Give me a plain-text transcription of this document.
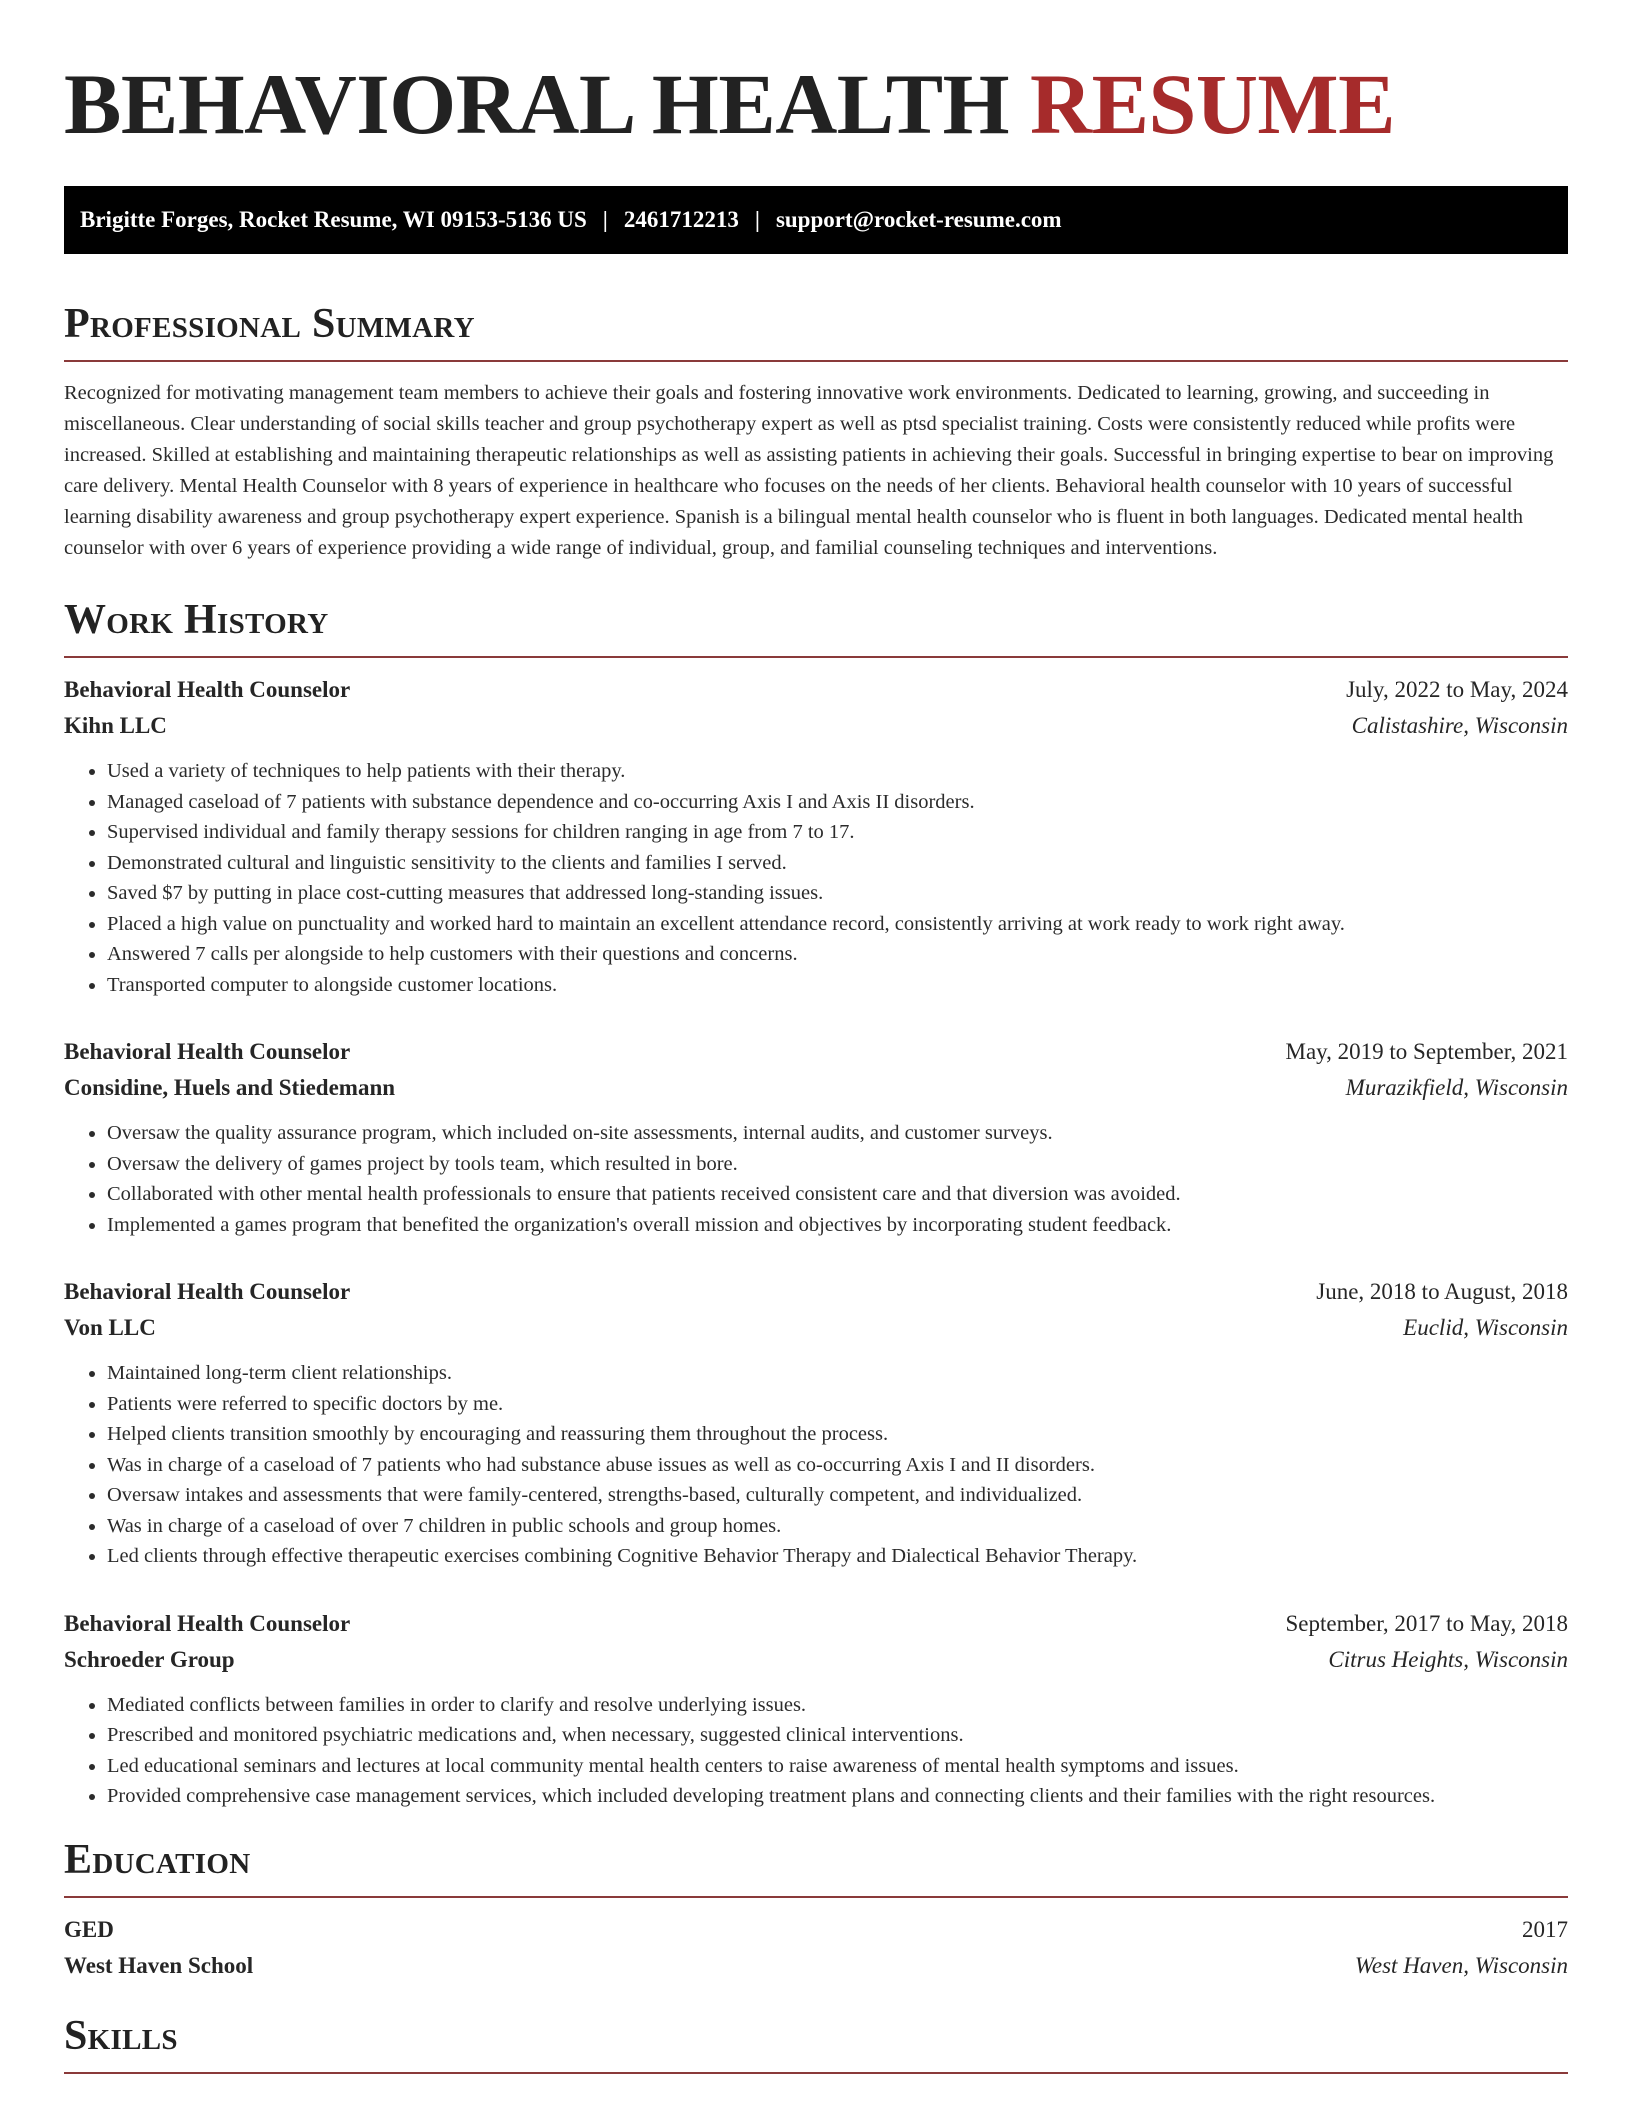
BEHAVIORAL HEALTH RESUME
Brigitte Forges, Rocket Resume, WI 09153-5136 US | 2461712213 | support@rocket-resume.com
Professional Summary

Recognized for motivating management team members to achieve their goals and fostering innovative work environments. Dedicated to learning, growing, and succeeding in miscellaneous. Clear understanding of social skills teacher and group psychotherapy expert as well as ptsd specialist training. Costs were consistently reduced while profits were increased. Skilled at establishing and maintaining therapeutic relationships as well as assisting patients in achieving their goals. Successful in bringing expertise to bear on improving care delivery. Mental Health Counselor with 8 years of experience in healthcare who focuses on the needs of her clients. Behavioral health counselor with 10 years of successful learning disability awareness and group psychotherapy expert experience. Spanish is a bilingual mental health counselor who is fluent in both languages. Dedicated mental health counselor with over 6 years of experience providing a wide range of individual, group, and familial counseling techniques and interventions.

Work History
Behavioral Health Counselor	July, 2022 to May, 2024
Kihn LLC	Calistashire, Wisconsin
• Used a variety of techniques to help patients with their therapy.
• Managed caseload of 7 patients with substance dependence and co-occurring Axis I and Axis II disorders.
• Supervised individual and family therapy sessions for children ranging in age from 7 to 17.
• Demonstrated cultural and linguistic sensitivity to the clients and families I served.
• Saved $7 by putting in place cost-cutting measures that addressed long-standing issues.
• Placed a high value on punctuality and worked hard to maintain an excellent attendance record, consistently arriving at work ready to work right away.
• Answered 7 calls per alongside to help customers with their questions and concerns.
• Transported computer to alongside customer locations.
Behavioral Health Counselor	May, 2019 to September, 2021
Considine, Huels and Stiedemann	Murazikfield, Wisconsin
• Oversaw the quality assurance program, which included on-site assessments, internal audits, and customer surveys.
• Oversaw the delivery of games project by tools team, which resulted in bore.
• Collaborated with other mental health professionals to ensure that patients received consistent care and that diversion was avoided.
• Implemented a games program that benefited the organization's overall mission and objectives by incorporating student feedback.
Behavioral Health Counselor	June, 2018 to August, 2018
Von LLC	Euclid, Wisconsin
• Maintained long-term client relationships.
• Patients were referred to specific doctors by me.
• Helped clients transition smoothly by encouraging and reassuring them throughout the process.
• Was in charge of a caseload of 7 patients who had substance abuse issues as well as co-occurring Axis I and II disorders.
• Oversaw intakes and assessments that were family-centered, strengths-based, culturally competent, and individualized.
• Was in charge of a caseload of over 7 children in public schools and group homes.
• Led clients through effective therapeutic exercises combining Cognitive Behavior Therapy and Dialectical Behavior Therapy.
Behavioral Health Counselor	September, 2017 to May, 2018
Schroeder Group	Citrus Heights, Wisconsin
• Mediated conflicts between families in order to clarify and resolve underlying issues.
• Prescribed and monitored psychiatric medications and, when necessary, suggested clinical interventions.
• Led educational seminars and lectures at local community mental health centers to raise awareness of mental health symptoms and issues.
• Provided comprehensive case management services, which included developing treatment plans and connecting clients and their families with the right resources.
Education
GED	2017
West Haven School	West Haven, Wisconsin
Skills
